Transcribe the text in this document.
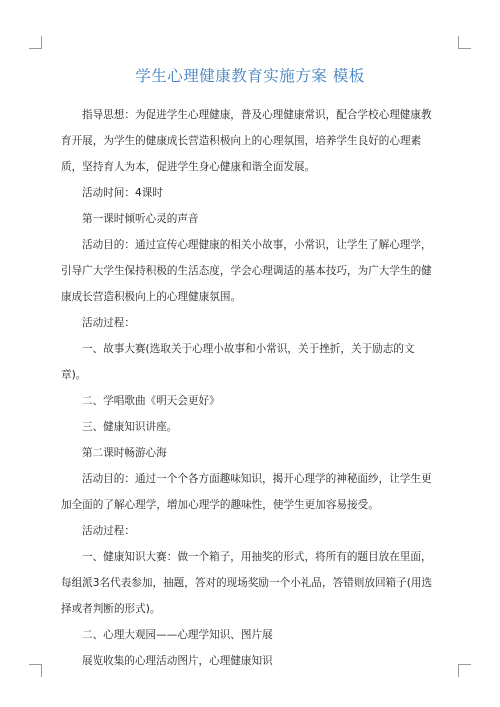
学生心理健康教育实施方案 模板

指导思想：为促进学生心理健康，普及心理健康常识，配合学校心理健康教育开展，为学生的健康成长营造积极向上的心理氛围，培养学生良好的心理素质，坚持育人为本，促进学生身心健康和谐全面发展。

活动时间：4课时

第一课时倾听心灵的声音

活动目的：通过宣传心理健康的相关小故事，小常识，让学生了解心理学，引导广大学生保持积极的生活态度，学会心理调适的基本技巧，为广大学生的健康成长营造积极向上的心理健康氛围。

活动过程：

一、故事大赛(选取关于心理小故事和小常识，关于挫折，关于励志的文章)。

二、学唱歌曲《明天会更好》

三、健康知识讲座。

第二课时畅游心海

活动目的：通过一个个各方面趣味知识，揭开心理学的神秘面纱，让学生更加全面的了解心理学，增加心理学的趣味性，使学生更加容易接受。

活动过程：

一、健康知识大赛：做一个箱子，用抽奖的形式，将所有的题目放在里面，每组派3名代表参加，抽题，答对的现场奖励一个小礼品，答错则放回箱子(用选择或者判断的形式)。

二、心理大观园——心理学知识、图片展

展览收集的心理活动图片，心理健康知识
